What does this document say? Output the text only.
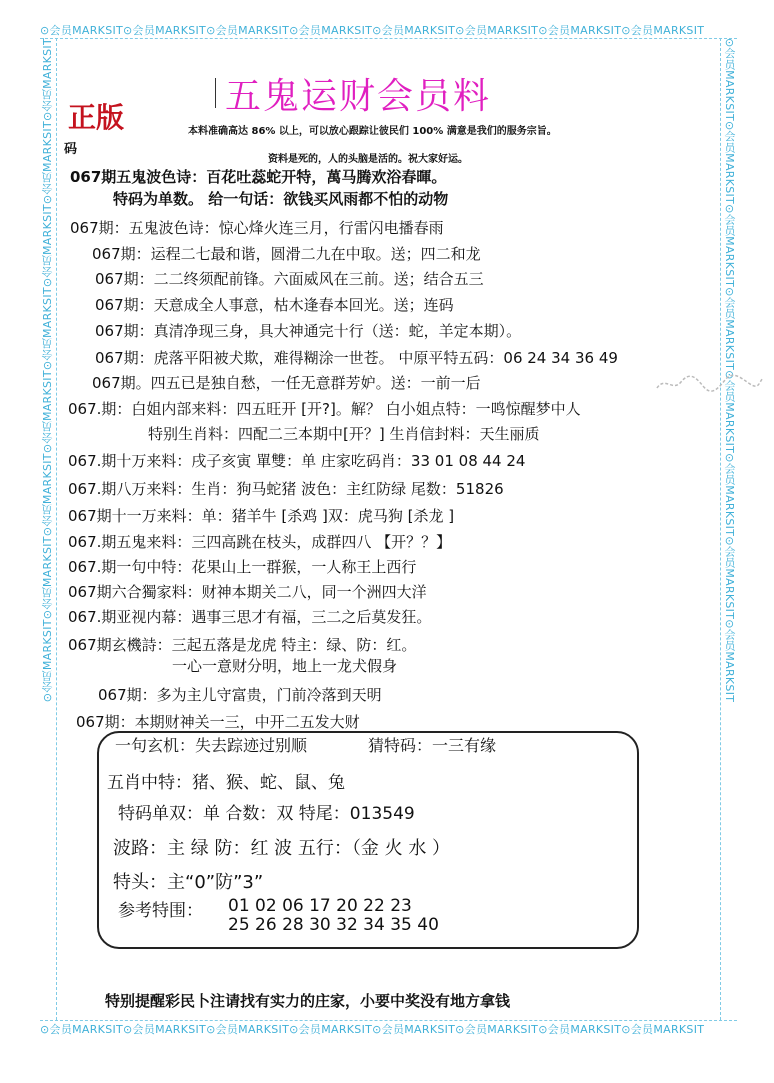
⊙会员MARKSIT⊙会员MARKSIT⊙会员MARKSIT⊙会员MARKSIT⊙会员MARKSIT⊙会员MARKSIT⊙会员MARKSIT⊙会员MARKSIT
⊙会员MARKSIT⊙会员MARKSIT⊙会员MARKSIT⊙会员MARKSIT⊙会员MARKSIT⊙会员MARKSIT⊙会员MARKSIT⊙会员MARKSIT
⊙会员MARKSIT⊙会员MARKSIT⊙会员MARKSIT⊙会员MARKSIT⊙会员MARKSIT⊙会员MARKSIT⊙会员MARKSIT⊙会员MARKSIT	⊙会员MARKSIT⊙会员MARKSIT⊙会员MARKSIT⊙会员MARKSIT⊙会员MARKSIT⊙会员MARKSIT⊙会员MARKSIT⊙会员MARKSIT
五鬼运财会员料
正版
码
本料准确高达 86% 以上，可以放心跟踪让彼民们 100% 满意是我们的服务宗旨。
资料是死的，人的头脑是活的。祝大家好运。
067期五鬼波色诗：百花吐蕊蛇开特，萬马腾欢浴春暉。
特码为单数。 给一句话：欲钱买风雨都不怕的动物
067期：五鬼波色诗：惊心烽火连三月，行雷闪电播春雨
067期：运程二七最和谐，圆滑二九在中取。送；四二和龙
067期：二二终须配前锋。六面威风在三前。送；结合五三
067期：天意成全人事意，枯木逢春本回光。送；连码
067期：真清净现三身，具大神通完十行（送：蛇，羊定本期）。
067期：虎落平阳被犬欺，难得糊涂一世苍。 中原平特五码：06 24 34 36 49
067期。四五已是独自愁，一任无意群芳妒。送：一前一后
067.期：白姐内部来料：四五旺开 [开?]。解？ 白小姐点特：一鸣惊醒梦中人
特别生肖料：四配二三本期中[开？] 生肖信封料：天生丽质
067.期十万来料：戌子亥寅 單雙：单 庄家吃码肖：33 01 08 44 24
067.期八万来料：生肖：狗马蛇猪 波色：主红防绿 尾数：51826
067期十一万来料：单：猪羊牛 [杀鸡 ]双：虎马狗 [杀龙 ]
067.期五鬼来料：三四高跳在枝头，成群四八 【开？？】
067.期一句中特：花果山上一群猴，一人称王上西行
067期六合獨家料：财神本期关二八，同一个洲四大洋
067.期亚视内幕：遇事三思才有福，三二之后莫发狂。
067期玄機詩：三起五落是龙虎 特主：绿、防：红。
一心一意财分明，地上一龙犬假身
067期：多为主儿守富贵，门前冷落到天明
067期：本期财神关一三，中开二五发大财
一句玄机：失去踪迹过别顺	猜特码：一三有缘
五肖中特：猪、猴、蛇、鼠、兔
特码单双：单 合数：双 特尾：013549
波路：主 绿 防：红 波 五行：（金 火 水 ）
特头：主“0”防”3”
参考特围： 01 02 06 17 20 22 23
25 26 28 30 32 34 35 40
特别提醒彩民卜注请找有实力的庄家，小要中奖没有地方拿钱
